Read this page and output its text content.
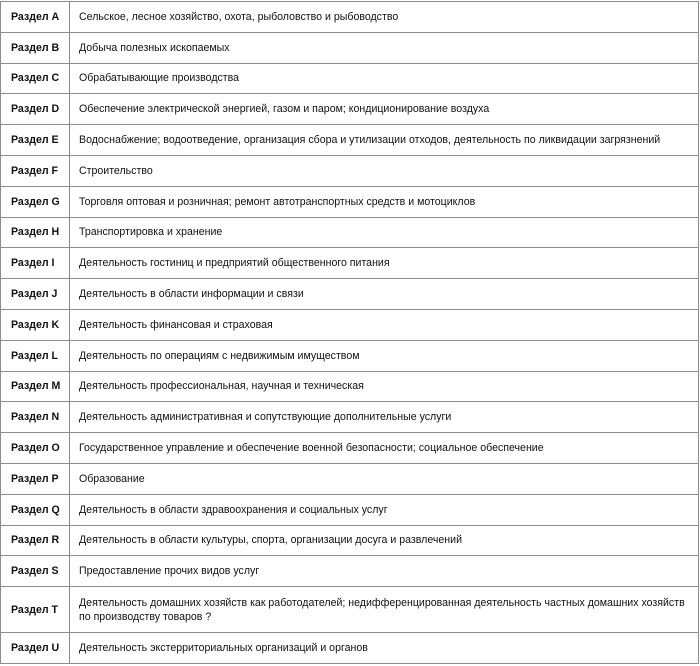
Раздел A	Сельское, лесное хозяйство, охота, рыболовство и рыбоводство
Раздел B	Добыча полезных ископаемых
Раздел C	Обрабатывающие производства
Раздел D	Обеспечение электрической энергией, газом и паром; кондиционирование воздуха
Раздел E	Водоснабжение; водоотведение, организация сбора и утилизации отходов, деятельность по ликвидации загрязнений
Раздел F	Строительство
Раздел G	Торговля оптовая и розничная; ремонт автотранспортных средств и мотоциклов
Раздел H	Транспортировка и хранение
Раздел I	Деятельность гостиниц и предприятий общественного питания
Раздел J	Деятельность в области информации и связи
Раздел K	Деятельность финансовая и страховая
Раздел L	Деятельность по операциям с недвижимым имуществом
Раздел M	Деятельность профессиональная, научная и техническая
Раздел N	Деятельность административная и сопутствующие дополнительные услуги
Раздел O	Государственное управление и обеспечение военной безопасности; социальное обеспечение
Раздел P	Образование
Раздел Q	Деятельность в области здравоохранения и социальных услуг
Раздел R	Деятельность в области культуры, спорта, организации досуга и развлечений
Раздел S	Предоставление прочих видов услуг
Раздел T	Деятельность домашних хозяйств как работодателей; недифференцированная деятельность частных домашних хозяйств по производству товаров ?
Раздел U	Деятельность экстерриториальных организаций и органов
